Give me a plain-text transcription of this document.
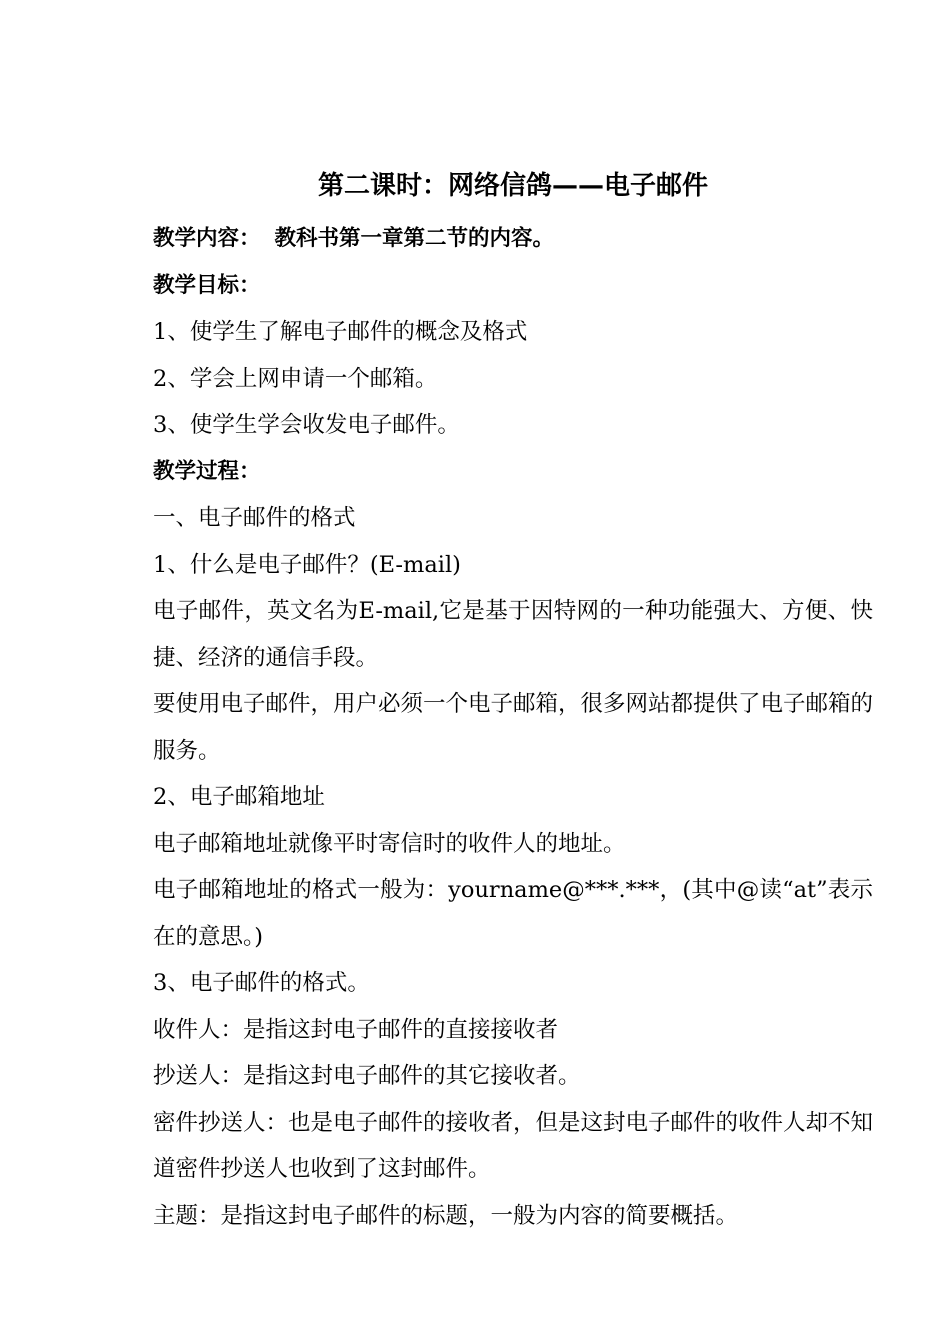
第二课时：网络信鸽——电子邮件
教学内容： 教科书第一章第二节的内容。
教学目标：
1、使学生了解电子邮件的概念及格式
2、学会上网申请一个邮箱。
3、使学生学会收发电子邮件。
教学过程：
一、电子邮件的格式
1、什么是电子邮件？(E-mail)
电子邮件，英文名为E-mail,它是基于因特网的一种功能强大、方便、快捷、经济的通信手段。
要使用电子邮件，用户必须一个电子邮箱，很多网站都提供了电子邮箱的服务。
2、电子邮箱地址
电子邮箱地址就像平时寄信时的收件人的地址。
电子邮箱地址的格式一般为：yourname@***.***，(其中@读“at”表示在的意思。)
3、电子邮件的格式。
收件人：是指这封电子邮件的直接接收者
抄送人：是指这封电子邮件的其它接收者。
密件抄送人：也是电子邮件的接收者，但是这封电子邮件的收件人却不知道密件抄送人也收到了这封邮件。
主题：是指这封电子邮件的标题，一般为内容的简要概括。
